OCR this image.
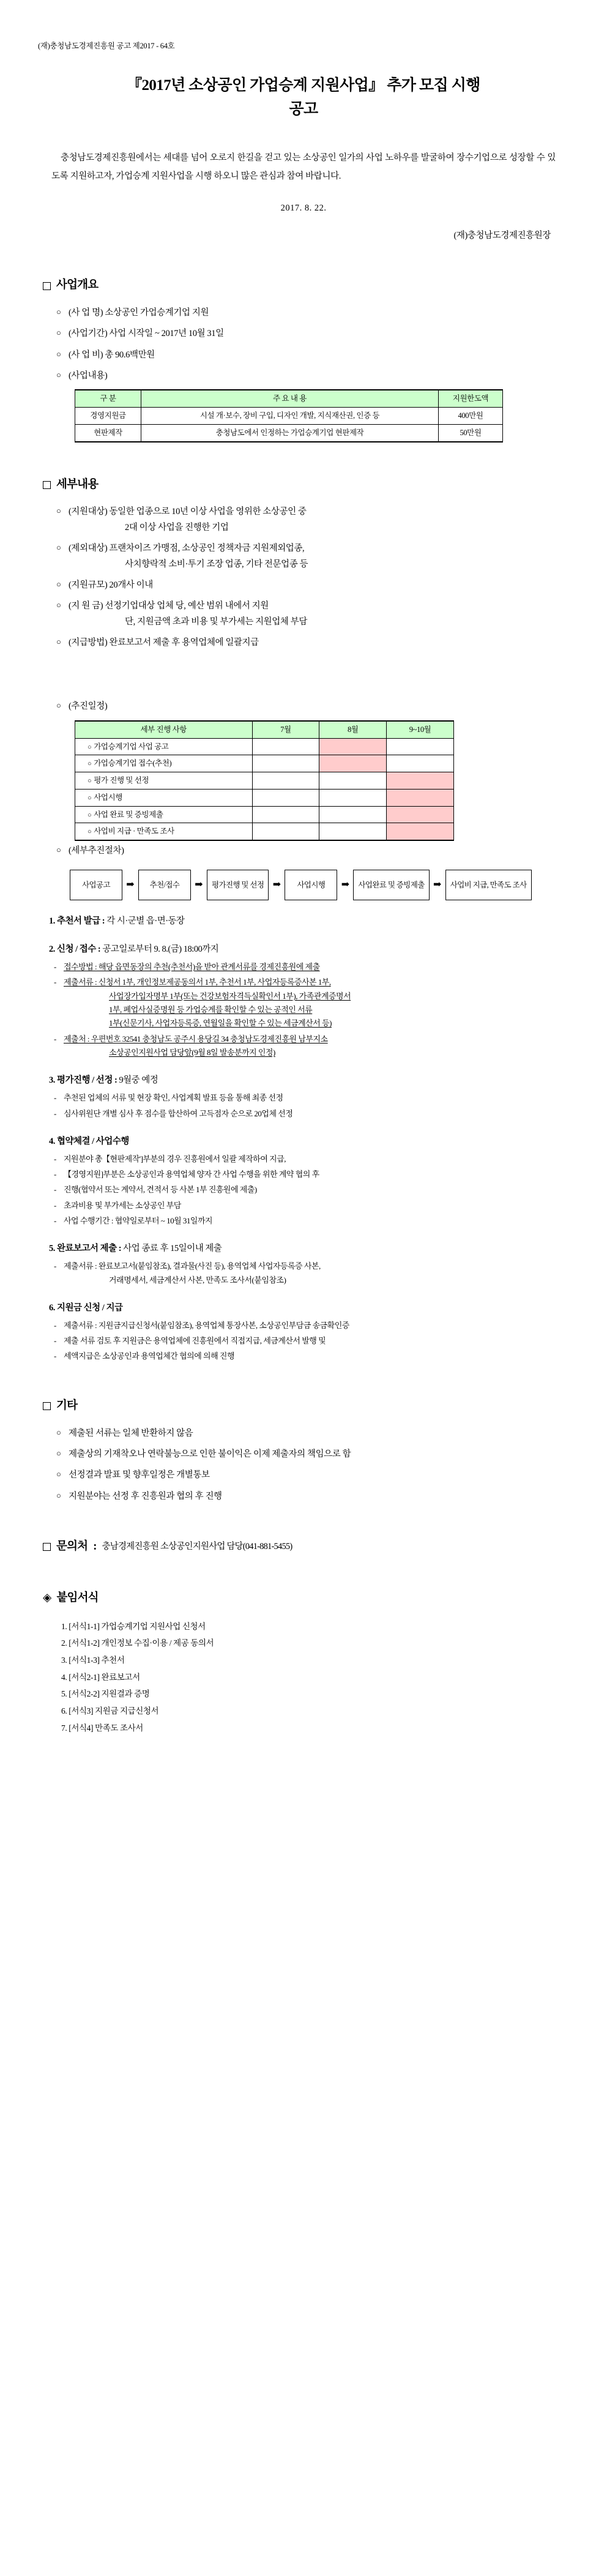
(재)충청남도경제진흥원 공고 제2017 - 64호
『2017년 소상공인 가업승계 지원사업』 추가 모집 시행
공고

충청남도경제진흥원에서는 세대를 넘어 오로지 한길을 걷고 있는 소상공인 일가의 사업 노하우를 발굴하여 장수기업으로 성장할 수 있도록 지원하고자, 가업승계 지원사업을 시행 하오니 많은 관심과 참여 바랍니다.

2017. 8. 22.
(재)충청남도경제진흥원장
사업개요
○ (사 업 명) 소상공인 가업승계기업 지원
○ (사업기간) 사업 시작일 ~ 2017년 10월 31일
○ (사 업 비) 총 90.6백만원
○ (사업내용)
구 분	주 요 내 용	지원한도액
경영지원금	시설 개·보수, 장비 구입, 디자인 개발, 지식재산권, 인증 등	400만원
현판제작	충청남도에서 인정하는 가업승계기업 현판제작	50만원
세부내용
○ (지원대상) 동일한 업종으로 10년 이상 사업을 영위한 소상공인 중
2대 이상 사업을 진행한 기업
○ (제외대상) 프랜차이즈 가맹점, 소상공인 정책자금 지원제외업종,
사치향락적 소비·투기 조장 업종, 기타 전문업종 등
○ (지원규모) 20개사 이내
○ (지 원 금) 선정기업대상 업체 당, 예산 범위 내에서 지원
단, 지원금액 초과 비용 및 부가세는 지원업체 부담
○ (지급방법) 완료보고서 제출 후 용역업체에 일괄지급
○ (추진일정)
세부 진행 사항	7월	8월	9~10월
○ 가업승계기업 사업 공고			
○ 가업승계기업 접수(추천)			
○ 평가 진행 및 선정			
○ 사업시행			
○ 사업 완료 및 증빙제출			
○ 사업비 지급 · 만족도 조사			
○ (세부추진절차)
사업공고	➡	추천/접수	➡	평가진행 및 선정 ➡	사업시행	➡	사업완료 및 증빙제출 ➡	사업비 지급, 만족도 조사
1. 추천서 발급 : 각 시·군별 읍·면·동장
2. 신청 / 접수 : 공고일로부터 9. 8.(금) 18:00까지
- 접수방법 : 해당 읍면동장의 추천(추천서)을 받아 관계서류를 경제진흥원에 제출
- 제출서류 : 신청서 1부, 개인정보제공동의서 1부, 추천서 1부, 사업자등록증사본 1부,
사업장가입자명부 1부(또는 건강보험자격득실확인서 1부), 가족관계증명서
1부, 폐업사실증명원 등 가업승계를 확인할 수 있는 공적인 서류
1부(신문기사, 사업자등록증, 연월일을 확인할 수 있는 세금계산서 등)
- 제출처 : 우편번호 32541 충청남도 공주시 용당길 34 충청남도경제진흥원 남부지소
소상공인지원사업 담당앞(9월 8일 발송분까지 인정)
3. 평가진행 / 선정 : 9월중 예정
- 추천된 업체의 서류 및 현장 확인, 사업계획 발표 등을 통해 최종 선정
- 심사위원단 개별 심사 후 점수를 합산하여 고득점자 순으로 20업체 선정
4. 협약체결 / 사업수행
- 지원분야 총【현판제작']부분의 경우 진흥원에서 일괄 제작하여 지급,
- 【경영지원]부분은 소상공인과 용역업체 양자 간 사업 수행을 위한 계약 협의 후
- 진행(협약서 또는 계약서, 견적서 등 사본 1부 진흥원에 제출)
- 초과비용 및 부가세는 소상공인 부담
- 사업 수행기간 : 협약일로부터 ~ 10월 31일까지
5. 완료보고서 제출 : 사업 종료 후 15일이내 제출
- 제출서류 : 완료보고서(붙임참조), 결과물(사진 등), 용역업체 사업자등록증 사본,
거래명세서, 세금계산서 사본, 만족도 조사서(붙임참조)
6. 지원금 신청 / 지급
- 제출서류 : 지원금지급신청서(붙임참조), 용역업체 통장사본, 소상공인부담금 송금확인증
- 제출 서류 검토 후 지원금은 용역업체에 진흥원에서 직접지급, 세금계산서 발행 및
- 세액지급은 소상공인과 용역업체간 협의에 의해 진행
기타
○ 제출된 서류는 일체 반환하지 않음
○ 제출상의 기재착오나 연락불능으로 인한 불이익은 이제 제출자의 책임으로 함
○ 선정결과 발표 및 향후일정은 개별통보
○ 지원분야는 선정 후 진흥원과 협의 후 진행
문의처 : 충남경제진흥원 소상공인지원사업 담당(041-881-5455)
◈ 붙임서식
1. [서식1-1] 가업승계기업 지원사업 신청서
2. [서식1-2] 개인정보 수집·이용 / 제공 동의서
3. [서식1-3] 추천서
4. [서식2-1] 완료보고서
5. [서식2-2] 지원결과 증명
6. [서식3] 지원금 지급신청서
7. [서식4] 만족도 조사서
